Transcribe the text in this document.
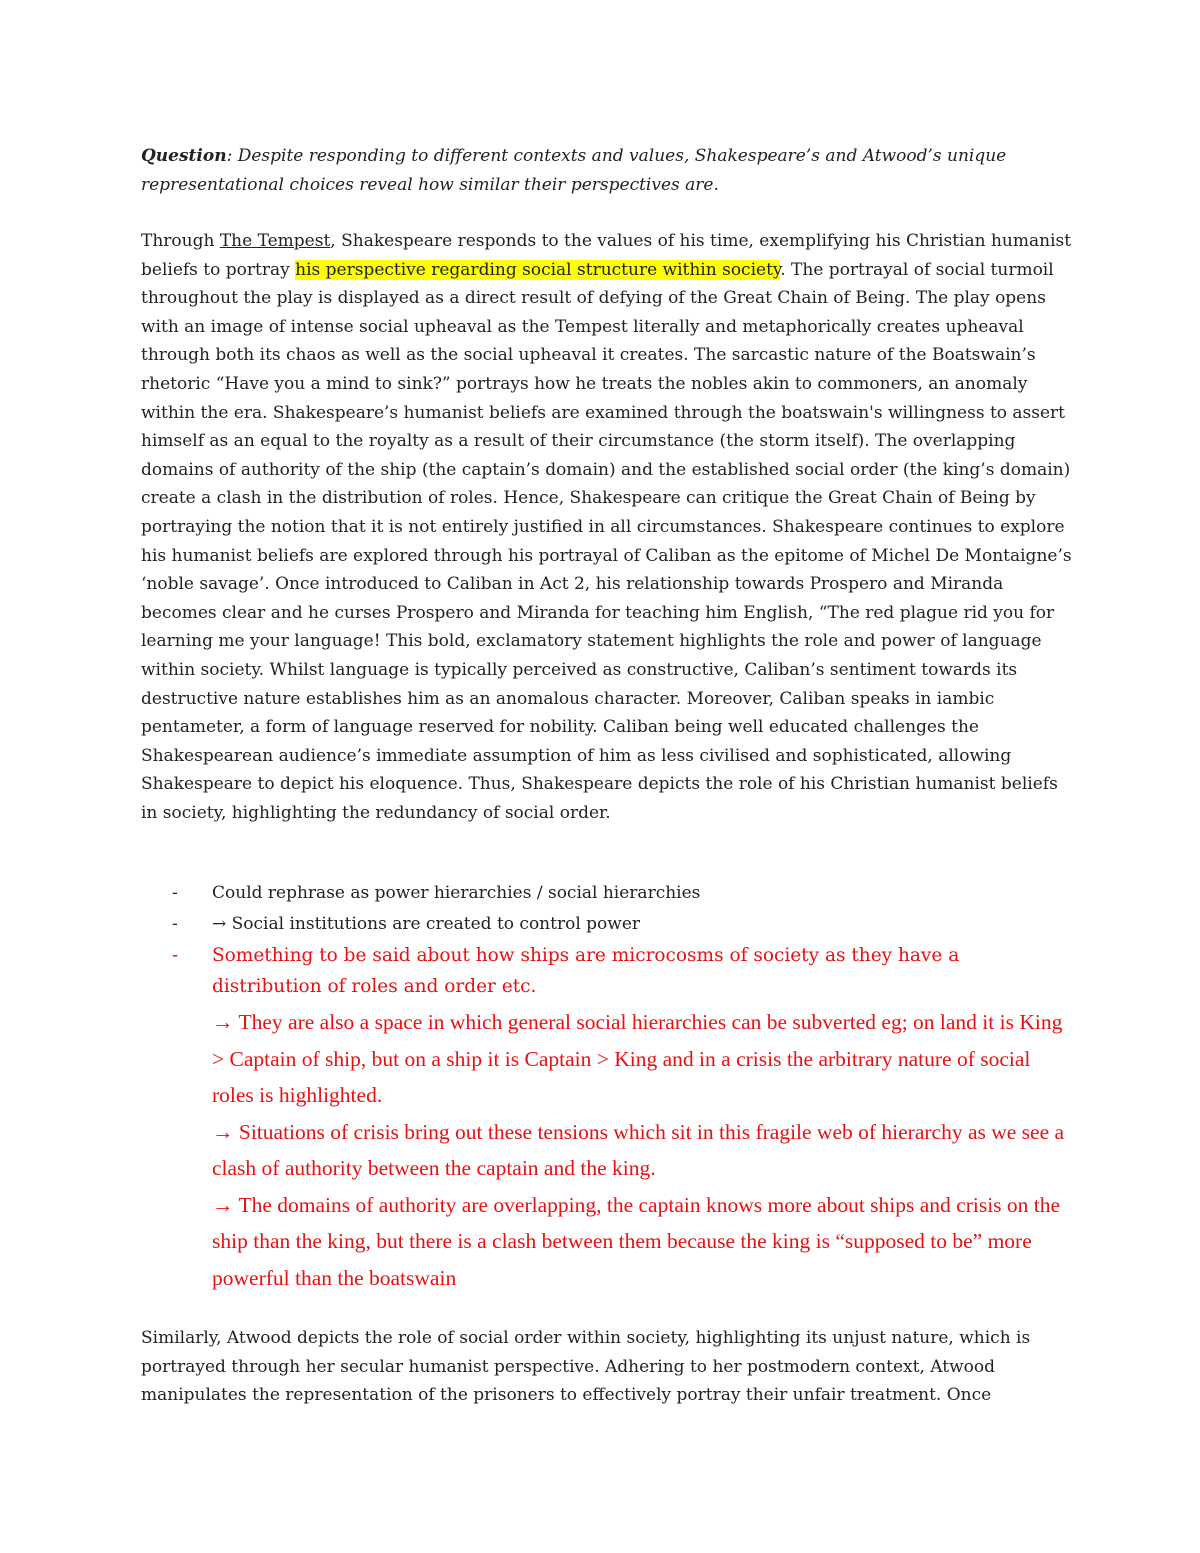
Question: Despite responding to different contexts and values, Shakespeare’s and Atwood’s unique representational choices reveal how similar their perspectives are.

Through The Tempest, Shakespeare responds to the values of his time, exemplifying his Christian humanist beliefs to portray his perspective regarding social structure within society. The portrayal of social turmoil throughout the play is displayed as a direct result of defying of the Great Chain of Being. The play opens with an image of intense social upheaval as the Tempest literally and metaphorically creates upheaval through both its chaos as well as the social upheaval it creates. The sarcastic nature of the Boatswain’s rhetoric “Have you a mind to sink?” portrays how he treats the nobles akin to commoners, an anomaly within the era. Shakespeare’s humanist beliefs are examined through the boatswain's willingness to assert himself as an equal to the royalty as a result of their circumstance (the storm itself). The overlapping domains of authority of the ship (the captain’s domain) and the established social order (the king’s domain) create a clash in the distribution of roles. Hence, Shakespeare can critique the Great Chain of Being by portraying the notion that it is not entirely justified in all circumstances. Shakespeare continues to explore his humanist beliefs are explored through his portrayal of Caliban as the epitome of Michel De Montaigne’s ‘noble savage’. Once introduced to Caliban in Act 2, his relationship towards Prospero and Miranda becomes clear and he curses Prospero and Miranda for teaching him English, “The red plague rid you for learning me your language! This bold, exclamatory statement highlights the role and power of language within society. Whilst language is typically perceived as constructive, Caliban’s sentiment towards its destructive nature establishes him as an anomalous character. Moreover, Caliban speaks in iambic pentameter, a form of language reserved for nobility. Caliban being well educated challenges the Shakespearean audience’s immediate assumption of him as less civilised and sophisticated, allowing Shakespeare to depict his eloquence. Thus, Shakespeare depicts the role of his Christian humanist beliefs in society, highlighting the redundancy of social order.

- Could rephrase as power hierarchies / social hierarchies
- → Social institutions are created to control power
- Something to be said about how ships are microcosms of society as they have a distribution of roles and order etc.

→ They are also a space in which general social hierarchies can be subverted eg; on land it is King > Captain of ship, but on a ship it is Captain > King and in a crisis the arbitrary nature of social roles is highlighted.

→ Situations of crisis bring out these tensions which sit in this fragile web of hierarchy as we see a clash of authority between the captain and the king.

→ The domains of authority are overlapping, the captain knows more about ships and crisis on the ship than the king, but there is a clash between them because the king is “supposed to be” more powerful than the boatswain

Similarly, Atwood depicts the role of social order within society, highlighting its unjust nature, which is portrayed through her secular humanist perspective. Adhering to her postmodern context, Atwood manipulates the representation of the prisoners to effectively portray their unfair treatment. Once
